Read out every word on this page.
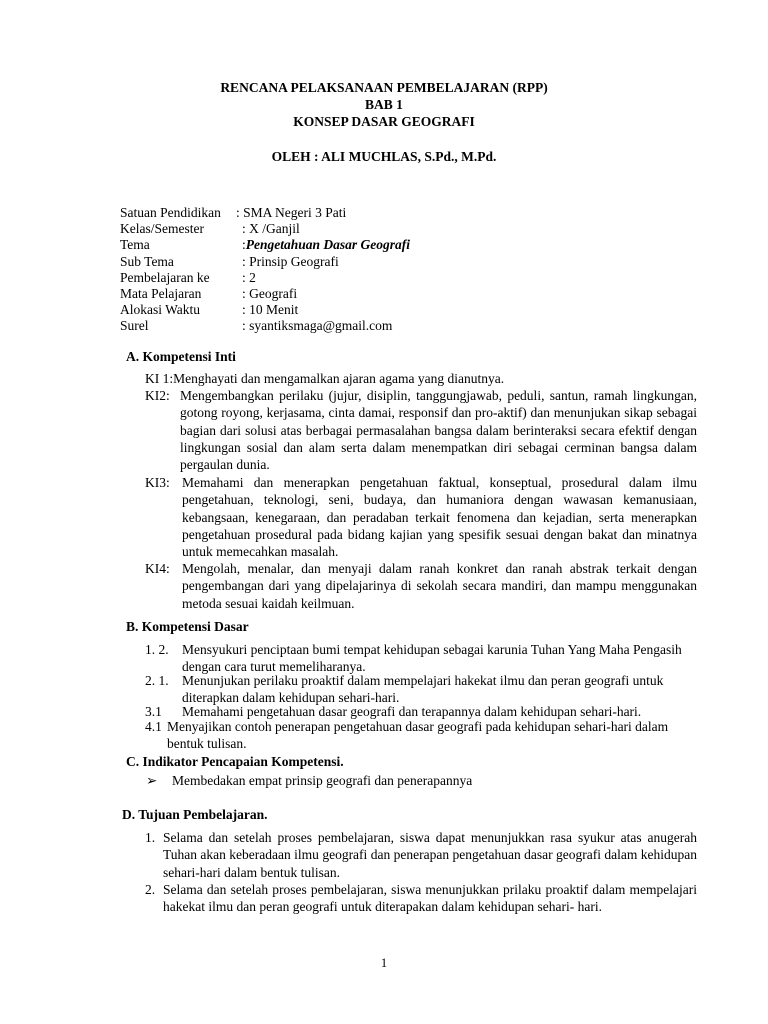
RENCANA PELAKSANAAN PEMBELAJARAN (RPP)
BAB 1
KONSEP DASAR GEOGRAFI
OLEH : ALI MUCHLAS, S.Pd., M.Pd.
Satuan Pendidikan : SMA Negeri 3 Pati
Kelas/Semester	: X /Ganjil
Tema	:Pengetahuan Dasar Geografi
Sub Tema	: Prinsip Geografi
Pembelajaran ke : 2
Mata Pelajaran	: Geografi
Alokasi Waktu	: 10 Menit
Surel	: syantiksmaga@gmail.com
A. Kompetensi Inti
KI 1:Menghayati dan mengamalkan ajaran agama yang dianutnya.
KI2: Mengembangkan perilaku (jujur, disiplin, tanggungjawab, peduli, santun, ramah lingkungan, gotong royong, kerjasama, cinta damai, responsif dan pro-aktif) dan menunjukan sikap sebagai bagian dari solusi atas berbagai permasalahan bangsa dalam berinteraksi secara efektif dengan lingkungan sosial dan alam serta dalam menempatkan diri sebagai cerminan bangsa dalam pergaulan dunia.
KI3: Memahami dan menerapkan pengetahuan faktual, konseptual, prosedural dalam ilmu pengetahuan, teknologi, seni, budaya, dan humaniora dengan wawasan kemanusiaan, kebangsaan, kenegaraan, dan peradaban terkait fenomena dan kejadian, serta menerapkan pengetahuan prosedural pada bidang kajian yang spesifik sesuai dengan bakat dan minatnya untuk memecahkan masalah.
KI4: Mengolah, menalar, dan menyaji dalam ranah konkret dan ranah abstrak terkait dengan pengembangan dari yang dipelajarinya di sekolah secara mandiri, dan mampu menggunakan metoda sesuai kaidah keilmuan.
B. Kompetensi Dasar
1. 2. Mensyukuri penciptaan bumi tempat kehidupan sebagai karunia Tuhan Yang Maha Pengasih dengan cara turut memeliharanya.
2. 1. Menunjukan perilaku proaktif dalam mempelajari hakekat ilmu dan peran geografi untuk diterapkan dalam kehidupan sehari-hari.
3.1 Memahami pengetahuan dasar geografi dan terapannya dalam kehidupan sehari-hari.
4.1 Menyajikan contoh penerapan pengetahuan dasar geografi pada kehidupan sehari-hari dalam bentuk tulisan.
C. Indikator Pencapaian Kompetensi.
➢ Membedakan empat prinsip geografi dan penerapannya
D. Tujuan Pembelajaran.
1. Selama dan setelah proses pembelajaran, siswa dapat menunjukkan rasa syukur atas anugerah Tuhan akan keberadaan ilmu geografi dan penerapan pengetahuan dasar geografi dalam kehidupan sehari-hari dalam bentuk tulisan.
2. Selama dan setelah proses pembelajaran, siswa menunjukkan prilaku proaktif dalam mempelajari hakekat ilmu dan peran geografi untuk diterapakan dalam kehidupan sehari- hari.
1
